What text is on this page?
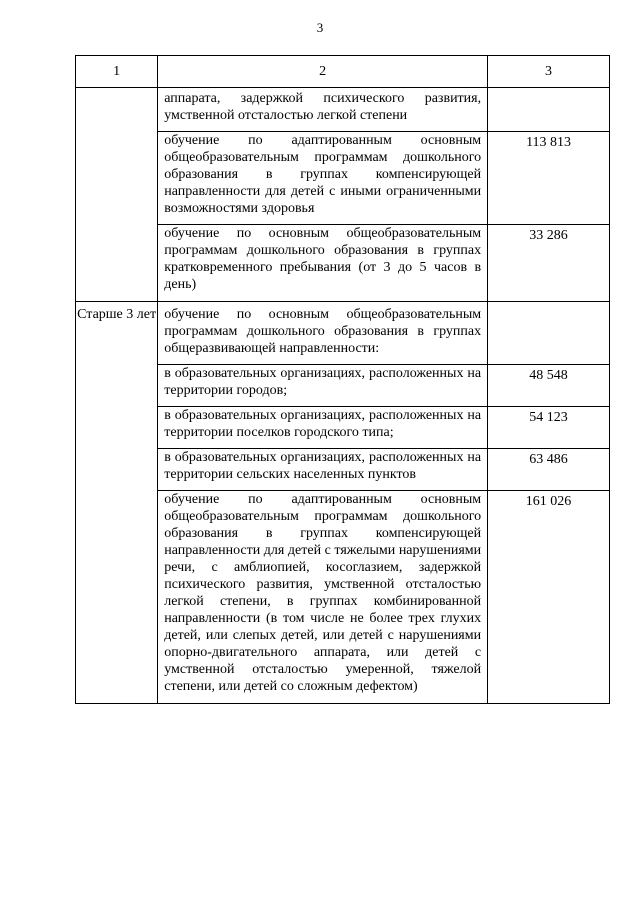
3
1	2	3
	аппарата, задержкой психического развития, умственной отсталостью легкой степени	
	обучение по адаптированным основным общеобразовательным программам дошкольного образования в группах компенсирующей направленности для детей с иными ограниченными возможностями здоровья	113 813
	обучение по основным общеобразовательным программам дошкольного образования в группах кратковременного пребывания (от 3 до 5 часов в день)	33 286
Старше 3 лет	обучение по основным общеобразовательным программам дошкольного образования в группах общеразвивающей направленности:	
	в образовательных организациях, расположенных на территории городов;	48 548
	в образовательных организациях, расположенных на территории поселков городского типа;	54 123
	в образовательных организациях, расположенных на территории сельских населенных пунктов	63 486
	обучение по адаптированным основным общеобразовательным программам дошкольного образования в группах компенсирующей направленности для детей с тяжелыми нарушениями речи, с амблиопией, косоглазием, задержкой психического развития, умственной отсталостью легкой степени, в группах комбинированной направленности (в том числе не более трех глухих детей, или слепых детей, или детей с нарушениями опорно-двигательного аппарата, или детей с умственной отсталостью умеренной, тяжелой степени, или детей со сложным дефектом)	161 026
